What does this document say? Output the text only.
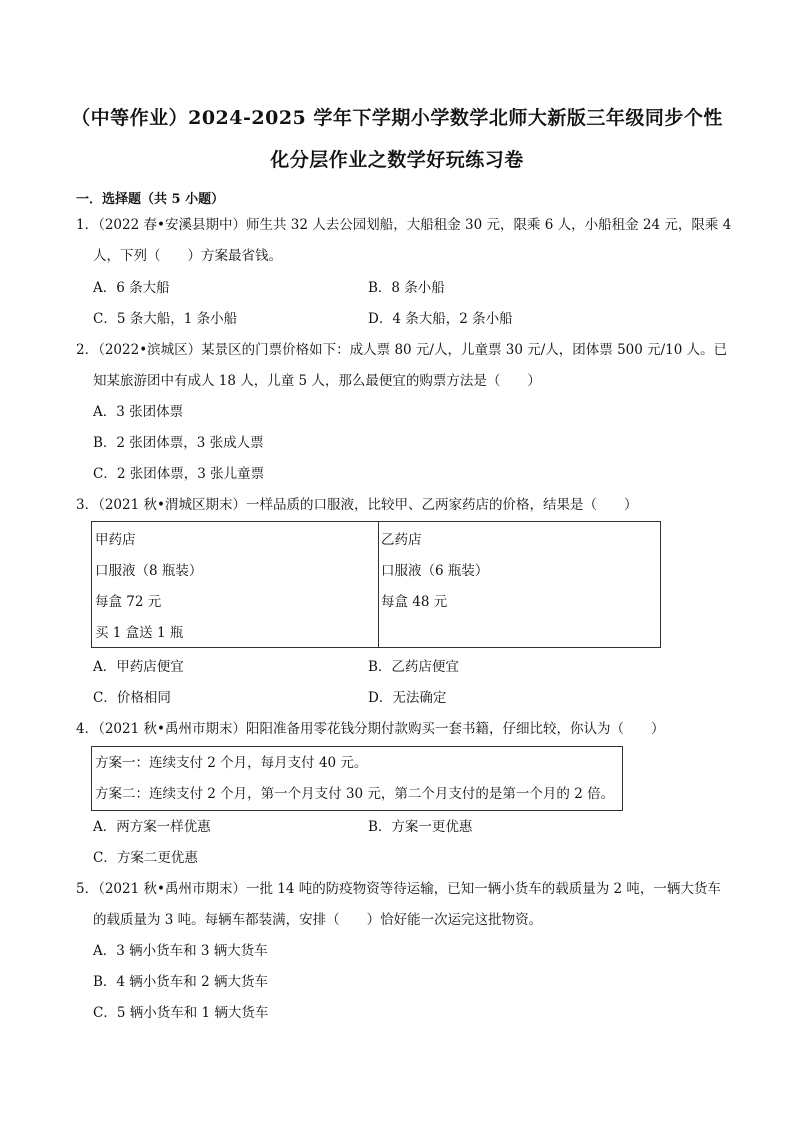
（中等作业）2024-2025 学年下学期小学数学北师大新版三年级同步个性
化分层作业之数学好玩练习卷
一．选择题（共 5 小题）
1．（2022 春•安溪县期中）师生共 32 人去公园划船，大船租金 30 元，限乘 6 人，小船租金 24 元，限乘 4
人，下列（　　）方案最省钱。
A．6 条大船	B．8 条小船
C．5 条大船，1 条小船	D．4 条大船，2 条小船
2．（2022•滨城区）某景区的门票价格如下：成人票 80 元/人，儿童票 30 元/人，团体票 500 元/10 人。已
知某旅游团中有成人 18 人，儿童 5 人，那么最便宜的购票方法是（　　）
A．3 张团体票
B．2 张团体票，3 张成人票
C．2 张团体票，3 张儿童票
3．（2021 秋•渭城区期末）一样品质的口服液，比较甲、乙两家药店的价格，结果是（　　）
甲药店
口服液（8 瓶装）
每盒 72 元
买 1 盒送 1 瓶
乙药店
口服液（6 瓶装）
每盒 48 元
A．甲药店便宜	B．乙药店便宜
C．价格相同	D．无法确定
4．（2021 秋•禹州市期末）阳阳准备用零花钱分期付款购买一套书籍，仔细比较，你认为（　　）
方案一：连续支付 2 个月，每月支付 40 元。
方案二：连续支付 2 个月，第一个月支付 30 元，第二个月支付的是第一个月的 2 倍。
A．两方案一样优惠	B．方案一更优惠
C．方案二更优惠
5．（2021 秋•禹州市期末）一批 14 吨的防疫物资等待运输，已知一辆小货车的载质量为 2 吨，一辆大货车
的载质量为 3 吨。每辆车都装满，安排（　　）恰好能一次运完这批物资。
A．3 辆小货车和 3 辆大货车
B．4 辆小货车和 2 辆大货车
C．5 辆小货车和 1 辆大货车
